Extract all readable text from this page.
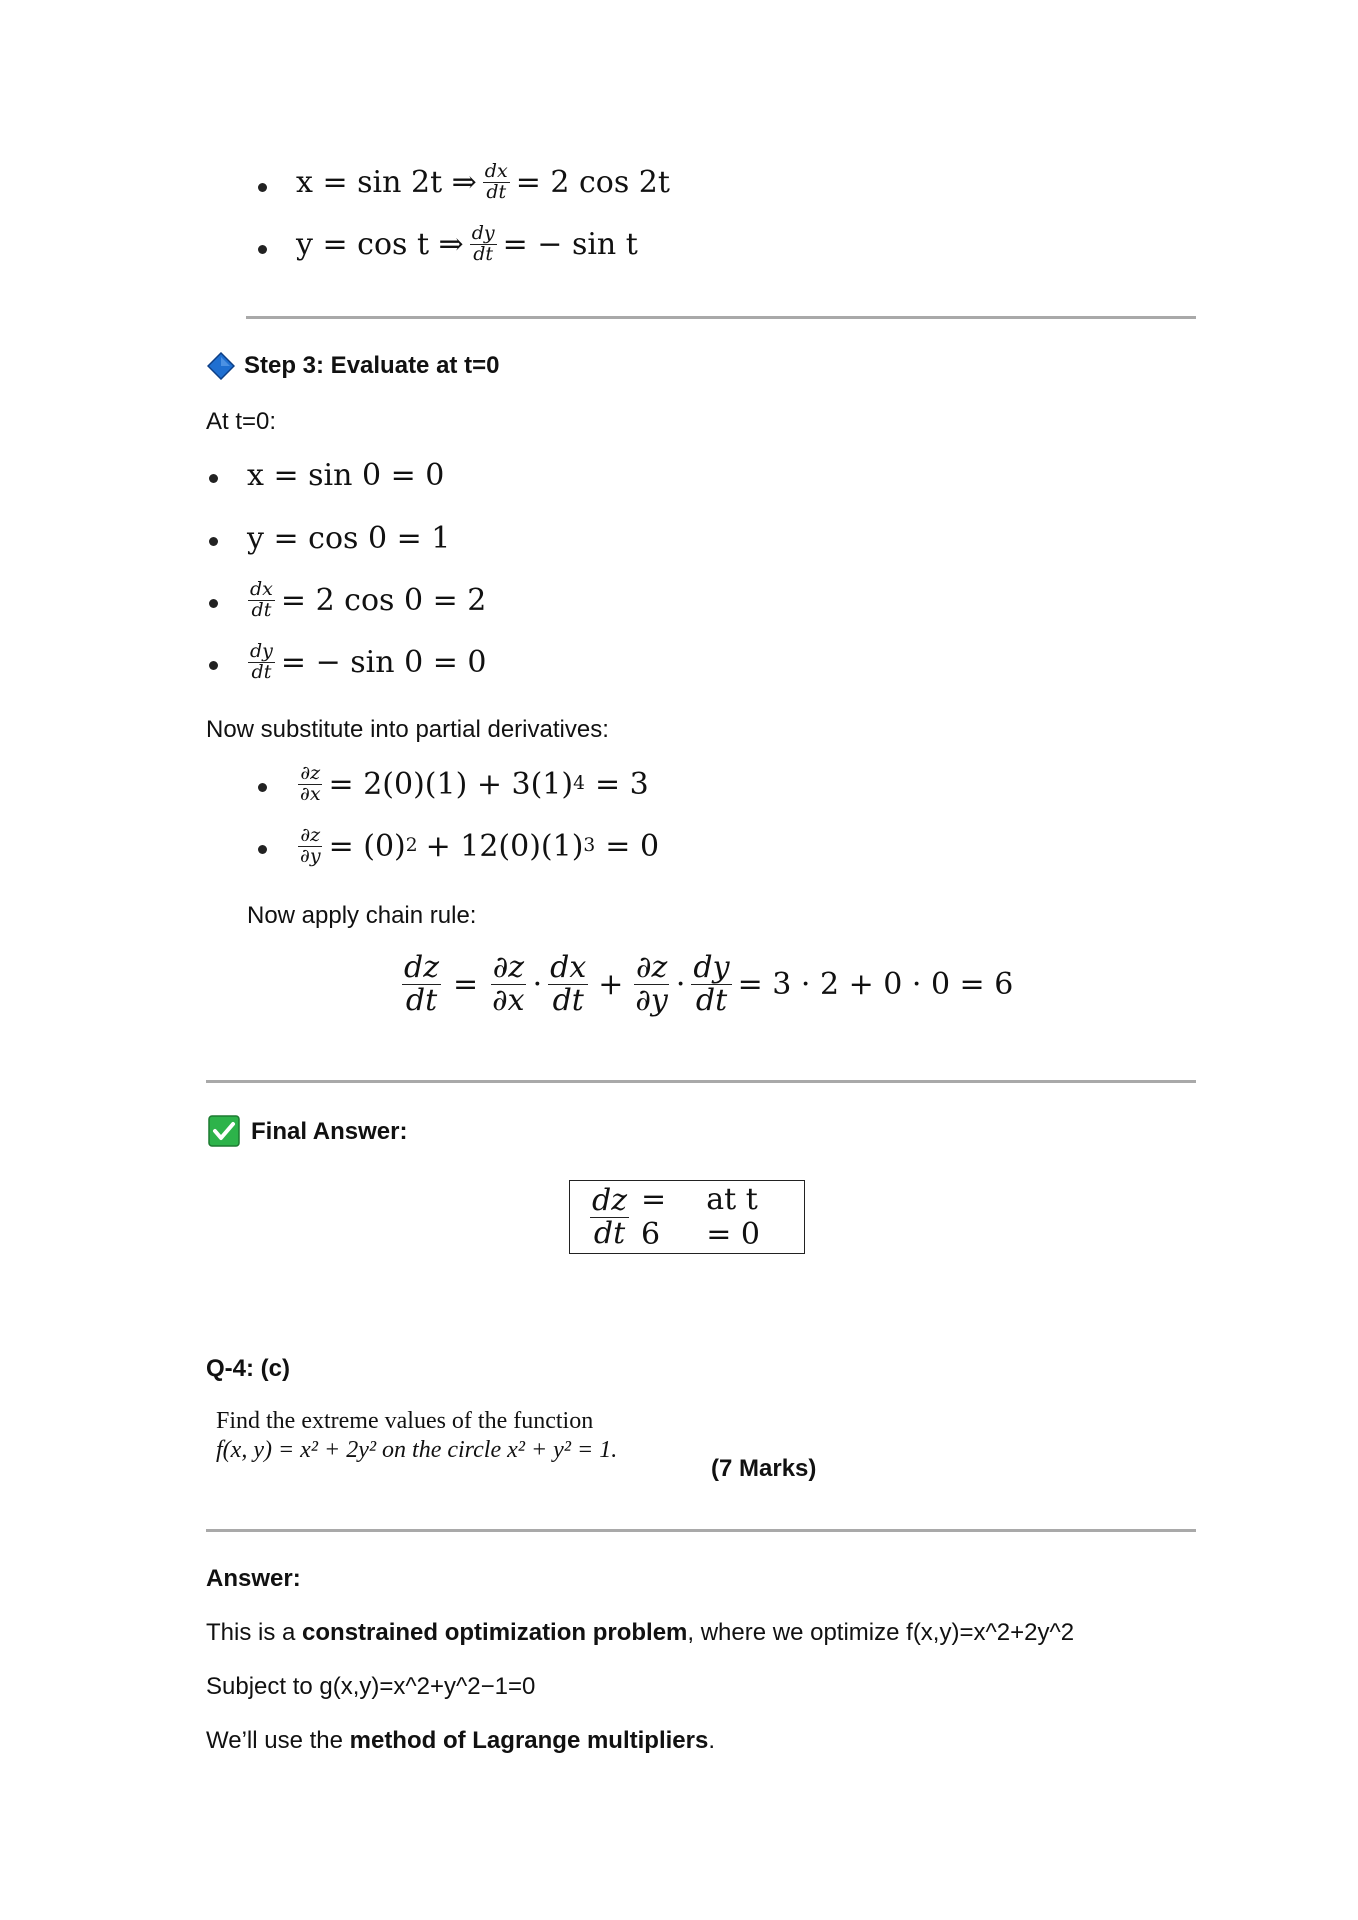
x = sin 2t ⇒ $\frac{dx}{dt} = 2$ cos 2t
y = cos t ⇒ $\frac{dy}{dt}$ = − sin t
Step 3: Evaluate at t=0
At t=0:
x = sin 0 = 0
y = cos 0 = 1
$\frac{dx}{dt} = 2$ cos 0 = 2
$\frac{dy}{dt}$ = − sin 0 = 0
Now substitute into partial derivatives:
$\frac{\partial z}{\partial x} = 2(0)(1) + 3(1) 4 = 3$
$\frac{\partial z}{\partial y} = (0) 2 + 12(0)(1) 3 = 0$
Now apply chain rule:
$\frac{dz}{dt} = \frac{\partial z}{\partial x} \cdot \frac{dx}{dt} + \frac{\partial z}{\partial y} \cdot \frac{dy}{dt} = 3 \cdot 2 + 0 \cdot 0 = 6$
Final Answer:
$\frac{dz}{dt} = 6$
at t = 0
Q-4: (c)
Find the extreme values of the function
f(x, y) = x² + 2y² on the circle x² + y² = 1.
(7 Marks)
Answer:
This is a constrained optimization problem, where we optimize f(x,y)=x^2+2y^2
Subject to g(x,y)=x^2+y^2−1=0
We’ll use the method of Lagrange multipliers.
